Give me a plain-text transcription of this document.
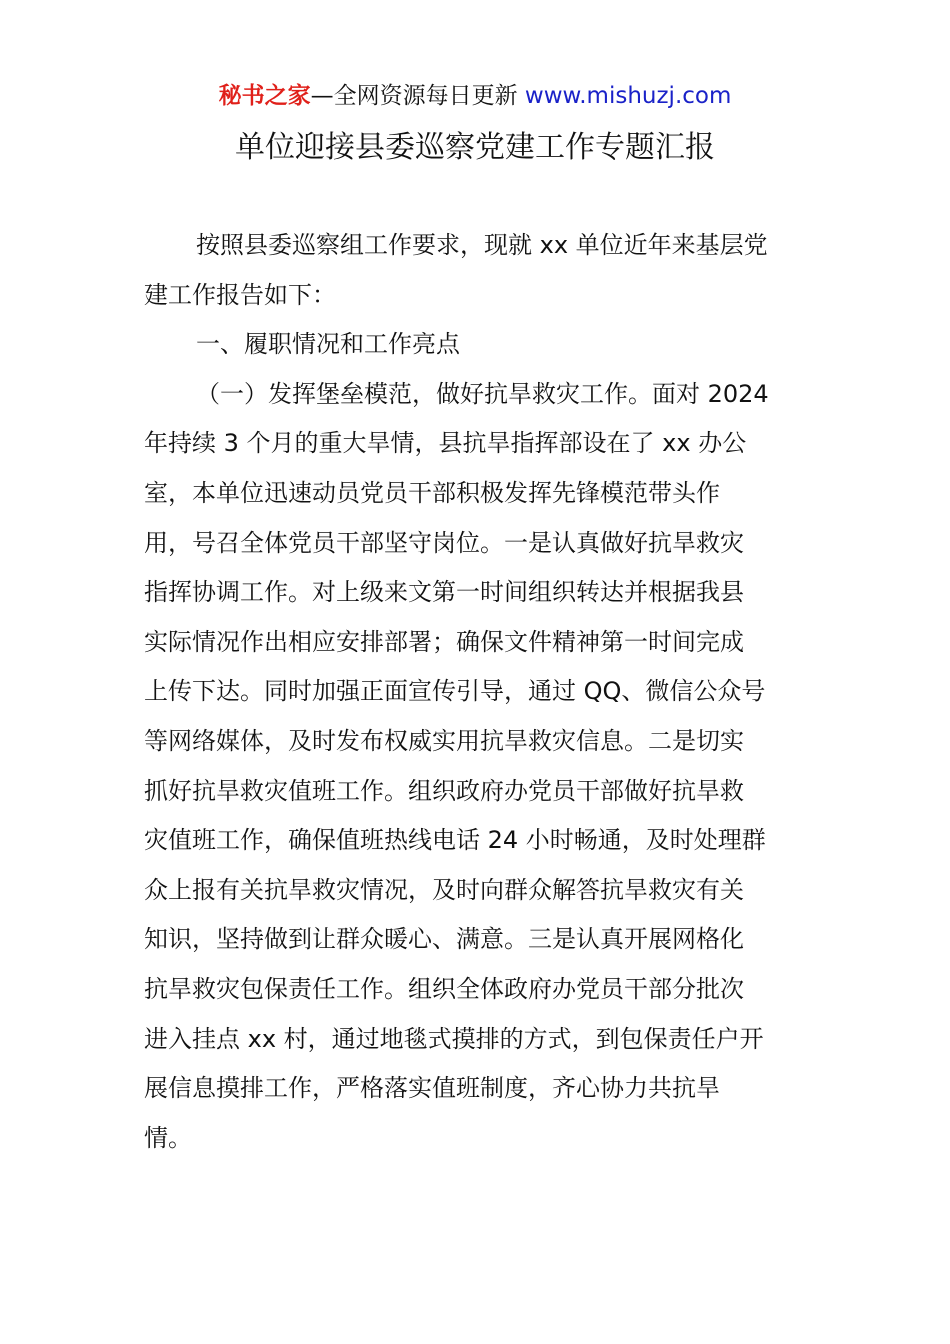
秘书之家—全网资源每日更新 www.mishuzj.com
单位迎接县委巡察党建工作专题汇报
按照县委巡察组工作要求，现就 xx 单位近年来基层党
建工作报告如下：
一、履职情况和工作亮点
（一）发挥堡垒模范，做好抗旱救灾工作。面对 2024
年持续 3 个月的重大旱情，县抗旱指挥部设在了 xx 办公
室，本单位迅速动员党员干部积极发挥先锋模范带头作
用，号召全体党员干部坚守岗位。一是认真做好抗旱救灾
指挥协调工作。对上级来文第一时间组织转达并根据我县
实际情况作出相应安排部署；确保文件精神第一时间完成
上传下达。同时加强正面宣传引导，通过 QQ、微信公众号
等网络媒体，及时发布权威实用抗旱救灾信息。二是切实
抓好抗旱救灾值班工作。组织政府办党员干部做好抗旱救
灾值班工作，确保值班热线电话 24 小时畅通，及时处理群
众上报有关抗旱救灾情况，及时向群众解答抗旱救灾有关
知识，坚持做到让群众暖心、满意。三是认真开展网格化
抗旱救灾包保责任工作。组织全体政府办党员干部分批次
进入挂点 xx 村，通过地毯式摸排的方式，到包保责任户开
展信息摸排工作，严格落实值班制度，齐心协力共抗旱
情。
